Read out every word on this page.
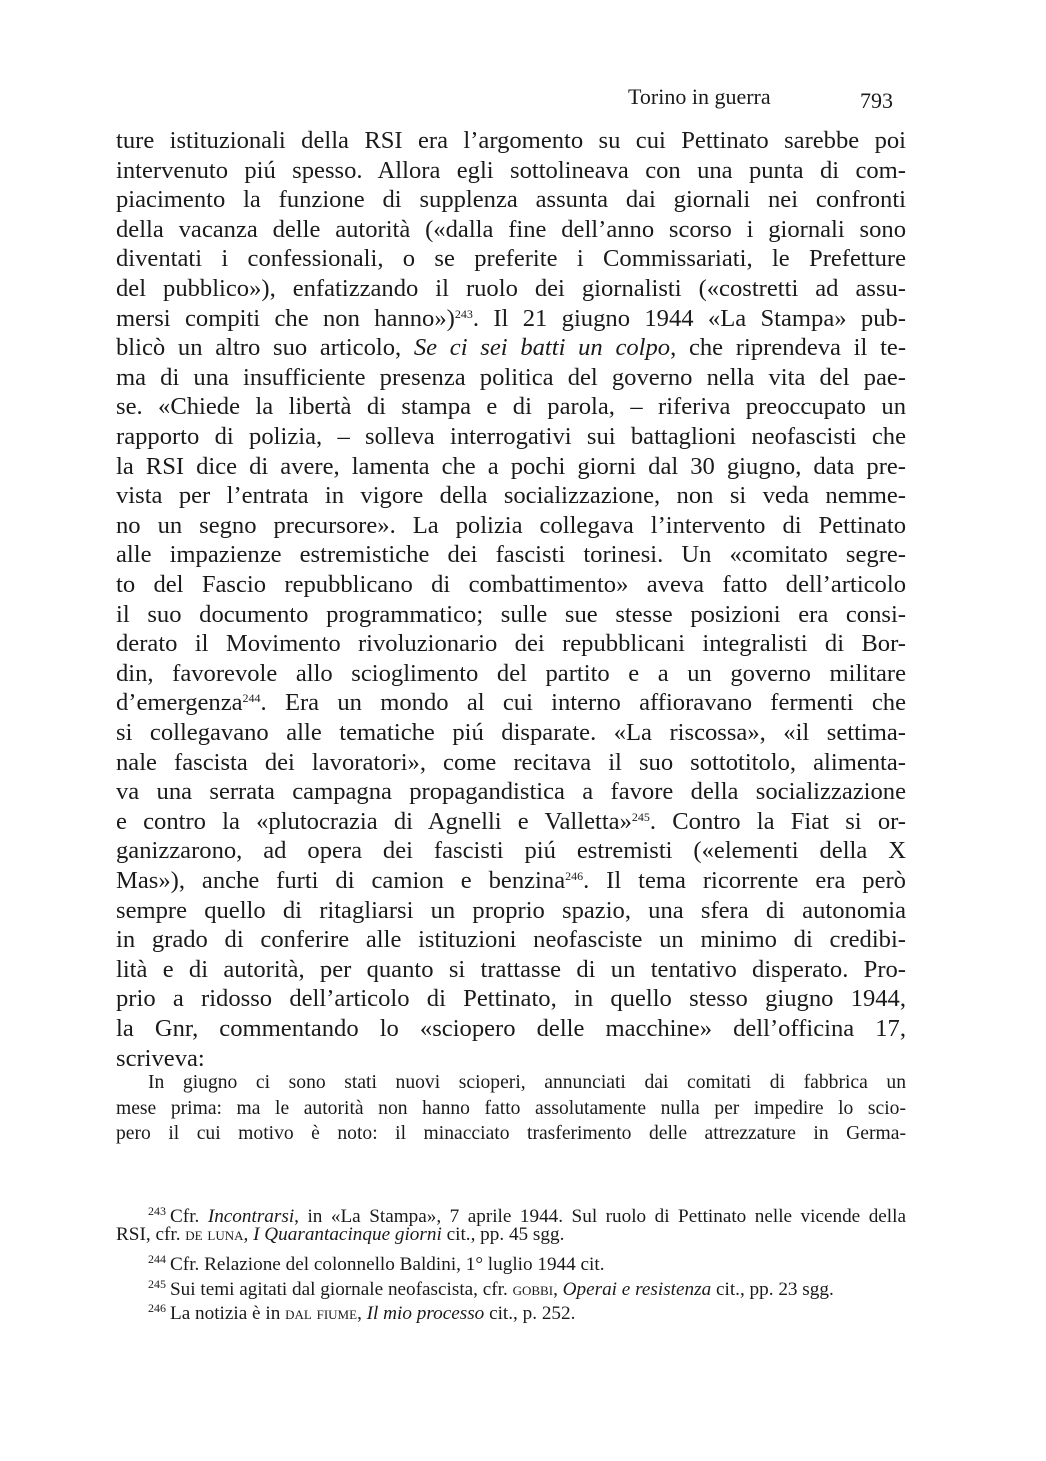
Torino in guerra	793
ture istituzionali della RSI era l’argomento su cui Pettinato sarebbe poi
intervenuto piú spesso. Allora egli sottolineava con una punta di com-
piacimento la funzione di supplenza assunta dai giornali nei confronti
della vacanza delle autorità («dalla fine dell’anno scorso i giornali sono
diventati i confessionali, o se preferite i Commissariati, le Prefetture
del pubblico»), enfatizzando il ruolo dei giornalisti («costretti ad assu-
mersi compiti che non hanno»)$^{243}$. Il 21 giugno 1944 «La Stampa» pub-
blicò un altro suo articolo, Se ci sei batti un colpo, che riprendeva il te-
ma di una insufficiente presenza politica del governo nella vita del pae-
se. «Chiede la libertà di stampa e di parola, – riferiva preoccupato un
rapporto di polizia, – solleva interrogativi sui battaglioni neofascisti che
la RSI dice di avere, lamenta che a pochi giorni dal 30 giugno, data pre-
vista per l’entrata in vigore della socializzazione, non si veda nemme-
no un segno precursore». La polizia collegava l’intervento di Pettinato
alle impazienze estremistiche dei fascisti torinesi. Un «comitato segre-
to del Fascio repubblicano di combattimento» aveva fatto dell’articolo
il suo documento programmatico; sulle sue stesse posizioni era consi-
derato il Movimento rivoluzionario dei repubblicani integralisti di Bor-
din, favorevole allo scioglimento del partito e a un governo militare
d’emergenza$^{244}$. Era un mondo al cui interno affioravano fermenti che
si collegavano alle tematiche piú disparate. «La riscossa», «il settima-
nale fascista dei lavoratori», come recitava il suo sottotitolo, alimenta-
va una serrata campagna propagandistica a favore della socializzazione
e contro la «plutocrazia di Agnelli e Valletta»$^{245}$. Contro la Fiat si or-
ganizzarono, ad opera dei fascisti piú estremisti («elementi della X
Mas»), anche furti di camion e benzina$^{246}$. Il tema ricorrente era però
sempre quello di ritagliarsi un proprio spazio, una sfera di autonomia
in grado di conferire alle istituzioni neofasciste un minimo di credibi-
lità e di autorità, per quanto si trattasse di un tentativo disperato. Pro-
prio a ridosso dell’articolo di Pettinato, in quello stesso giugno 1944,
la Gnr, commentando lo «sciopero delle macchine» dell’officina 17,
scriveva:
In giugno ci sono stati nuovi scioperi, annunciati dai comitati di fabbrica un
mese prima: ma le autorità non hanno fatto assolutamente nulla per impedire lo scio-
pero il cui motivo è noto: il minacciato trasferimento delle attrezzature in Germa-
$^{243}$ Cfr. Incontrarsi, in «La Stampa», 7 aprile 1944. Sul ruolo di Pettinato nelle vicende della
RSI, cfr. de luna, I Quarantacinque giorni cit., pp. 45 sgg.
$^{244}$ Cfr. Relazione del colonnello Baldini, 1° luglio 1944 cit.
$^{245}$ Sui temi agitati dal giornale neofascista, cfr. gobbi, Operai e resistenza cit., pp. 23 sgg.
$^{246}$ La notizia è in dal fiume, Il mio processo cit., p. 252.
